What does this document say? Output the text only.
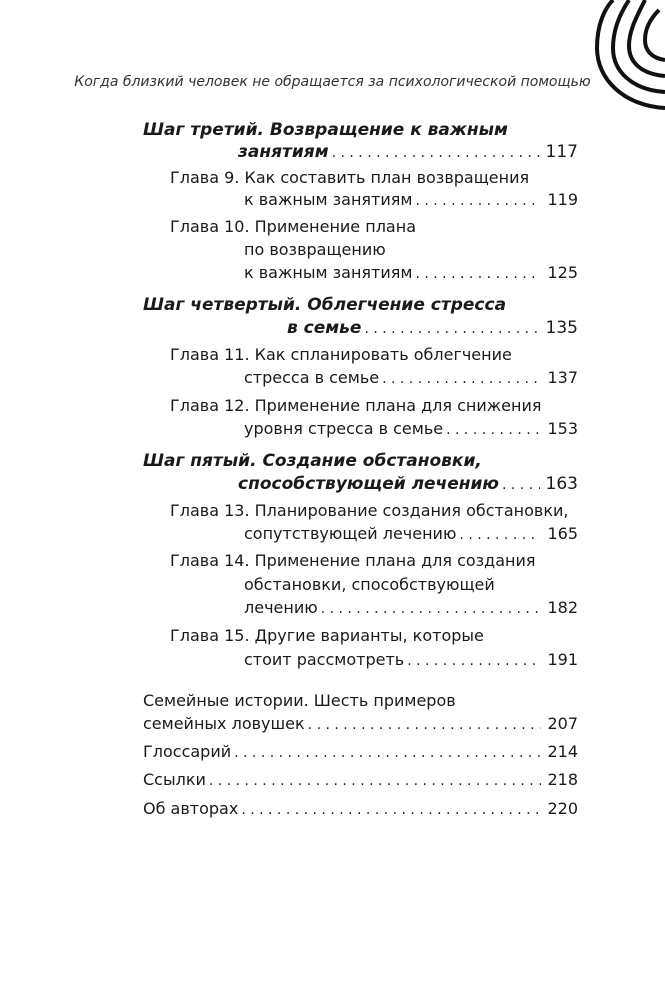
Когда близкий человек не обращается за психологической помощью
Шаг третий. Возвращение к важным
занятиям . . .	117
Глава 9. Как составить план возвращения
к важным занятиям . . .	119
Глава 10. Применение плана
по возвращению
к важным занятиям . . .	125
Шаг четвертый. Облегчение стресса
в семье . . .	135
Глава 11. Как спланировать облегчение
стресса в семье . . .	137
Глава 12. Применение плана для снижения
уровня стресса в семье . . .	153
Шаг пятый. Создание обстановки,
способствующей лечению . . .	163
Глава 13. Планирование создания обстановки,
сопутствующей лечению . . .	165
Глава 14. Применение плана для создания
обстановки, способствующей
лечению . . .	182
Глава 15. Другие варианты, которые
стоит рассмотреть . . .	191
Семейные истории. Шесть примеров
семейных ловушек . . .	207
Глоссарий . . .	214
Ссылки . . .	218
Об авторах . . .	220
